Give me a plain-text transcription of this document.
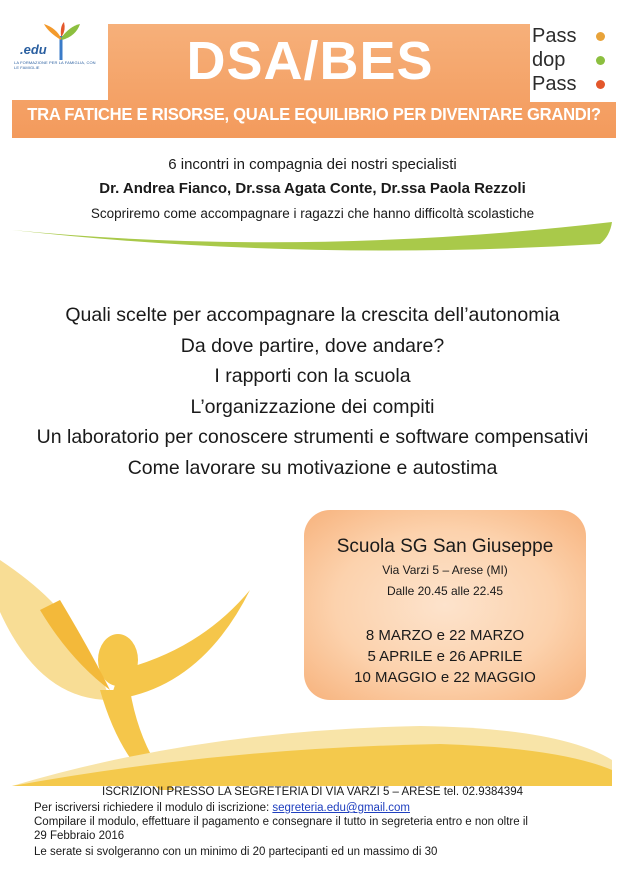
.edu
LA FORMAZIONE PER LA FAMIGLIA, CON LE FAMIGLIE	DSA/BES
TRA FATICHE E RISORSE, QUALE EQUILIBRIO PER DIVENTARE GRANDI?
Pass
dop
Pass
6 incontri in compagnia dei nostri specialisti
Dr. Andrea Fianco, Dr.ssa Agata Conte, Dr.ssa Paola Rezzoli
Scopriremo come accompagnare i ragazzi che hanno difficoltà scolastiche

Quali scelte per accompagnare la crescita dell’autonomia

Da dove partire, dove andare?

I rapporti con la scuola

L’organizzazione dei compiti

Un laboratorio per conoscere strumenti e software compensativi

Come lavorare su motivazione e autostima

Scuola SG San Giuseppe
Via Varzi 5 – Arese (MI)
Dalle 20.45 alle 22.45

8 MARZO e 22 MARZO

5 APRILE e 26 APRILE

10 MAGGIO e 22 MAGGIO

ISCRIZIONI PRESSO LA SEGRETERIA DI VIA VARZI 5 – ARESE tel. 02.9384394
Per iscriversi richiedere il modulo di iscrizione: segreteria.edu@gmail.com
Compilare il modulo, effettuare il pagamento e consegnare il tutto in segreteria entro e non oltre il
29 Febbraio 2016
Le serate si svolgeranno con un minimo di 20 partecipanti ed un massimo di 30
